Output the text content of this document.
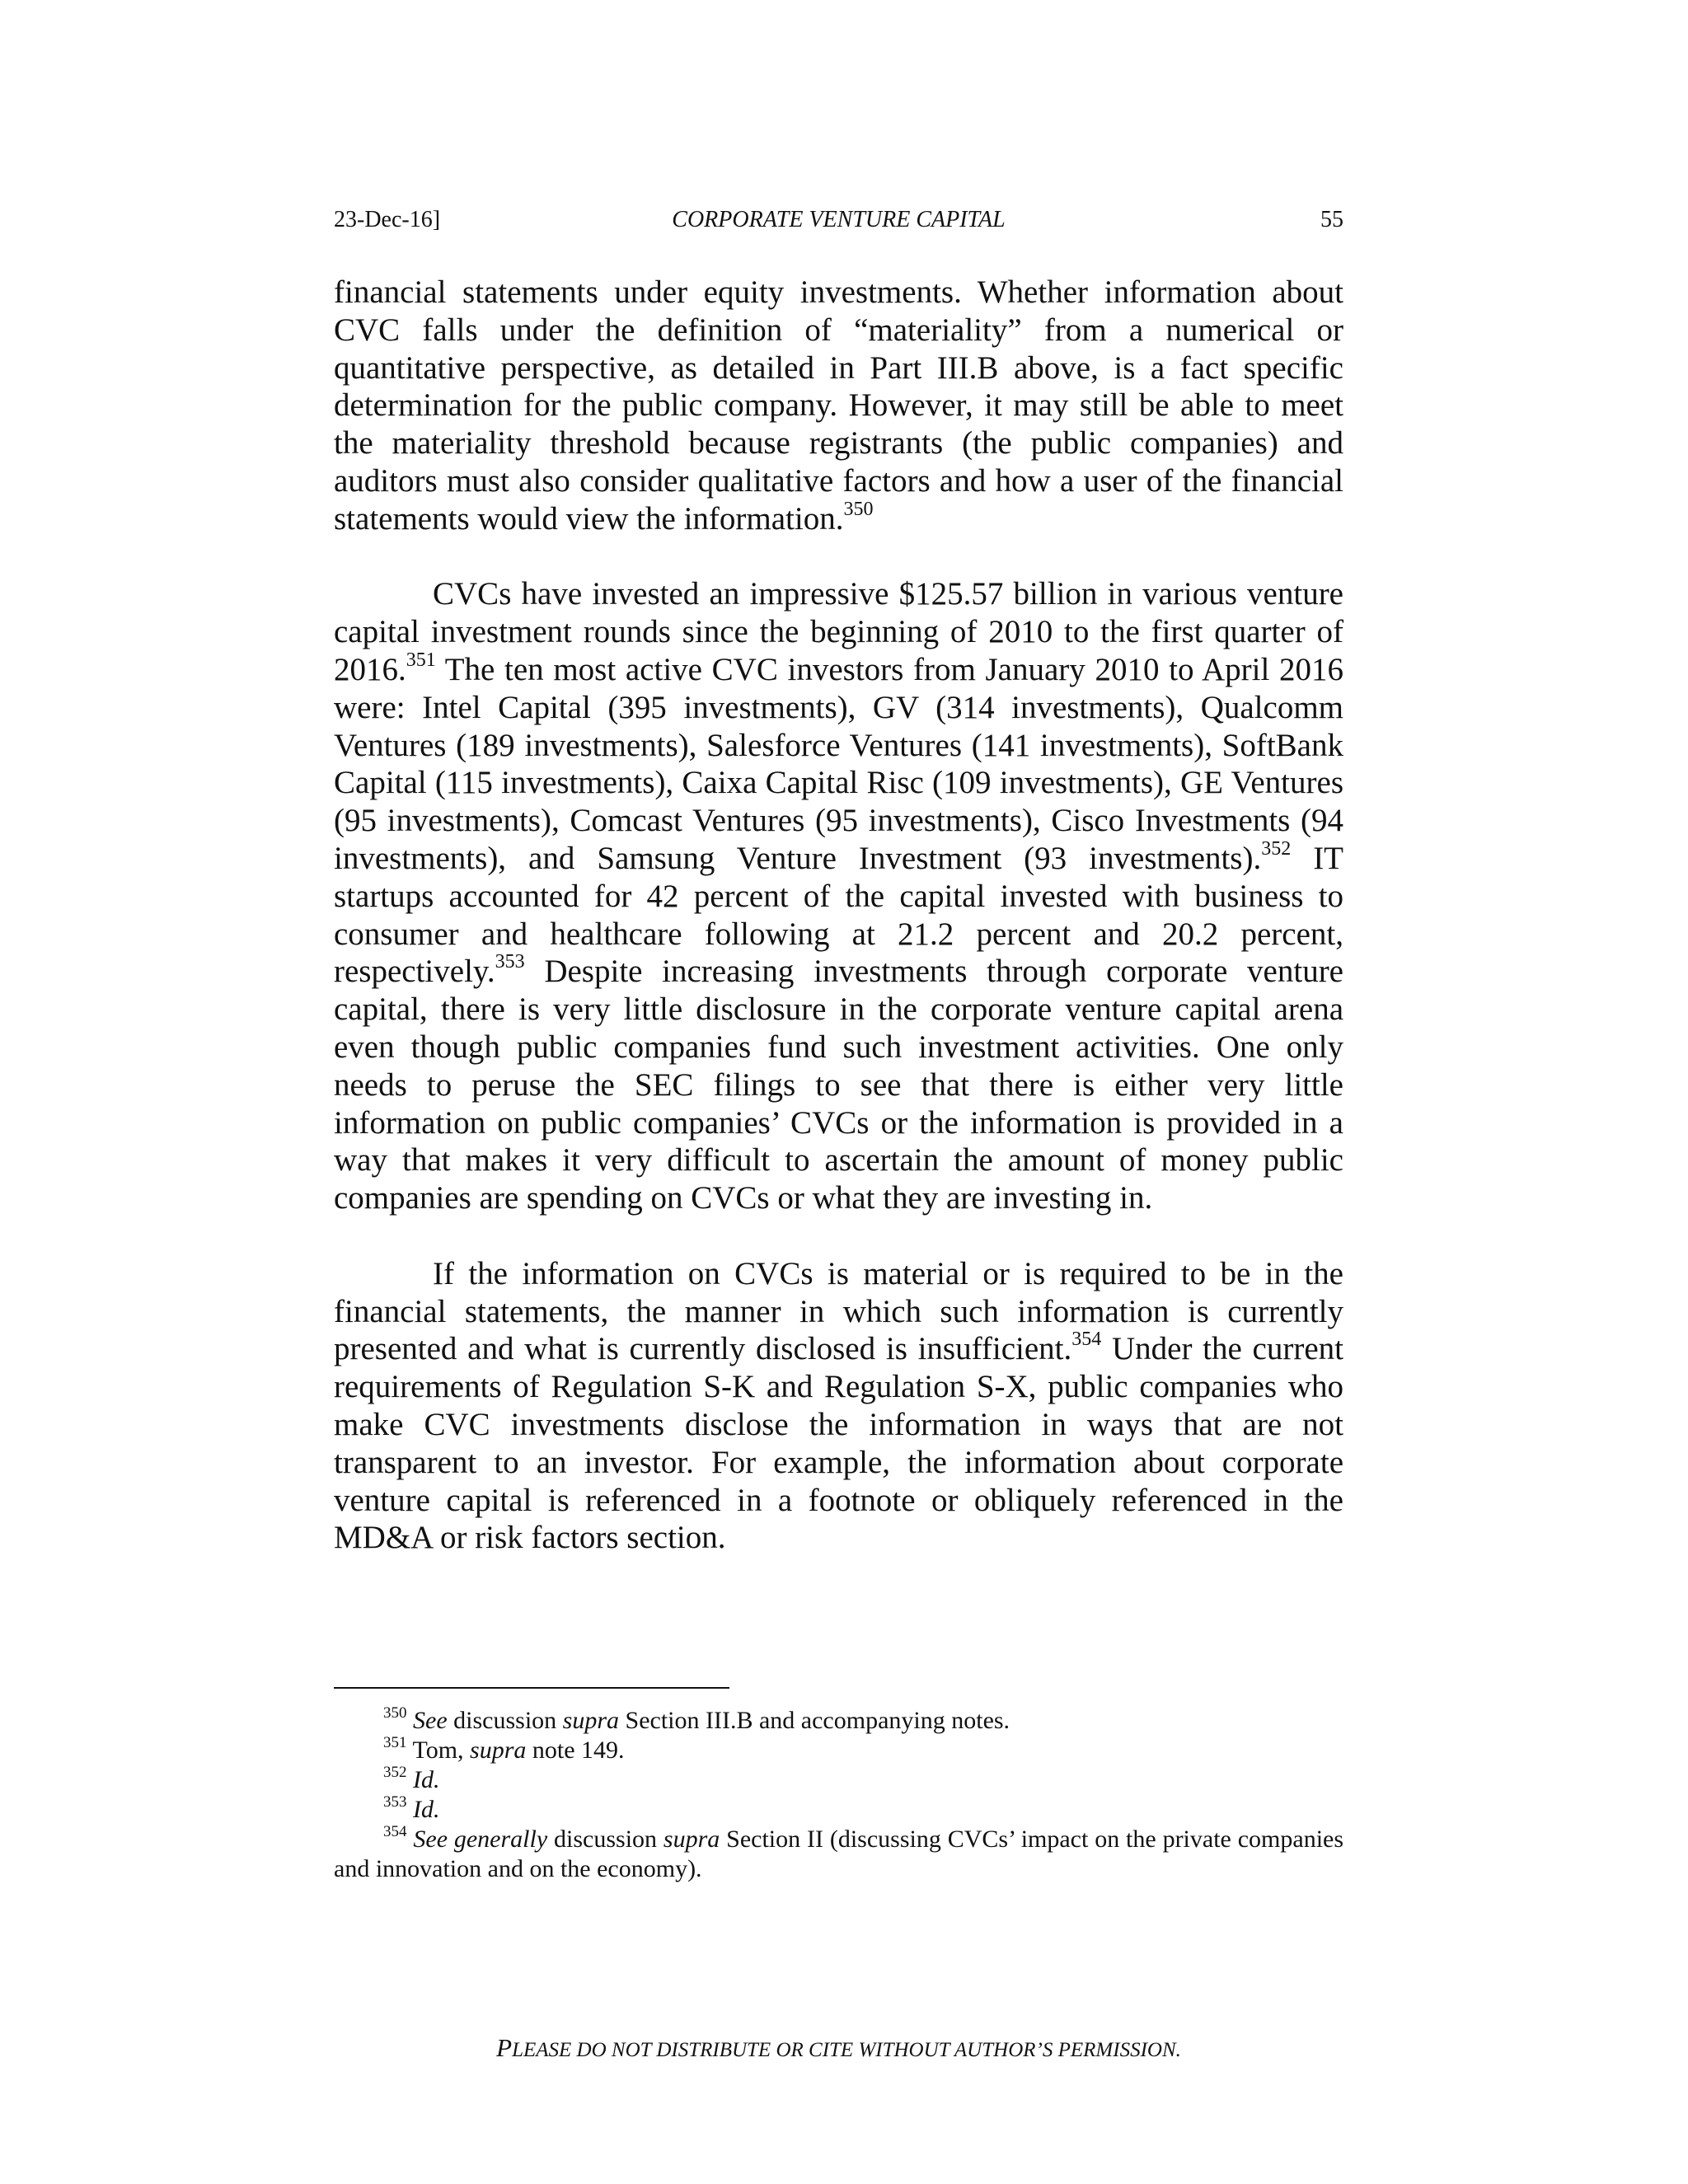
23-Dec-16]	CORPORATE VENTURE CAPITAL	55

financial statements under equity investments. Whether information about CVC falls under the definition of “materiality” from a numerical or quantitative perspective, as detailed in Part III.B above, is a fact specific determination for the public company. However, it may still be able to meet the materiality threshold because registrants (the public companies) and auditors must also consider qualitative factors and how a user of the financial statements would view the information.$^{350}$

CVCs have invested an impressive $125.57 billion in various venture capital investment rounds since the beginning of 2010 to the first quarter of 2016.$^{351}$ The ten most active CVC investors from January 2010 to April 2016 were: Intel Capital (395 investments), GV (314 investments), Qualcomm Ventures (189 investments), Salesforce Ventures (141 investments), SoftBank Capital (115 investments), Caixa Capital Risc (109 investments), GE Ventures (95 investments), Comcast Ventures (95 investments), Cisco Investments (94 investments), and Samsung Venture Investment (93 investments).$^{352}$ IT startups accounted for 42 percent of the capital invested with business to consumer and healthcare following at 21.2 percent and 20.2 percent, respectively.$^{353}$ Despite increasing investments through corporate venture capital, there is very little disclosure in the corporate venture capital arena even though public companies fund such investment activities. One only needs to peruse the SEC filings to see that there is either very little information on public companies’ CVCs or the information is provided in a way that makes it very difficult to ascertain the amount of money public companies are spending on CVCs or what they are investing in.

If the information on CVCs is material or is required to be in the financial statements, the manner in which such information is currently presented and what is currently disclosed is insufficient.$^{354}$ Under the current requirements of Regulation S-K and Regulation S-X, public companies who make CVC investments disclose the information in ways that are not transparent to an investor. For example, the information about corporate venture capital is referenced in a footnote or obliquely referenced in the MD&A or risk factors section.

$^{350}$ See discussion supra Section III.B and accompanying notes.

$^{351}$ Tom, supra note 149.

$^{352}$ Id.

$^{353}$ Id.

$^{354}$ See generally discussion supra Section II (discussing CVCs’ impact on the private companies and innovation and on the economy).

PLEASE DO NOT DISTRIBUTE OR CITE WITHOUT AUTHOR’S PERMISSION.
